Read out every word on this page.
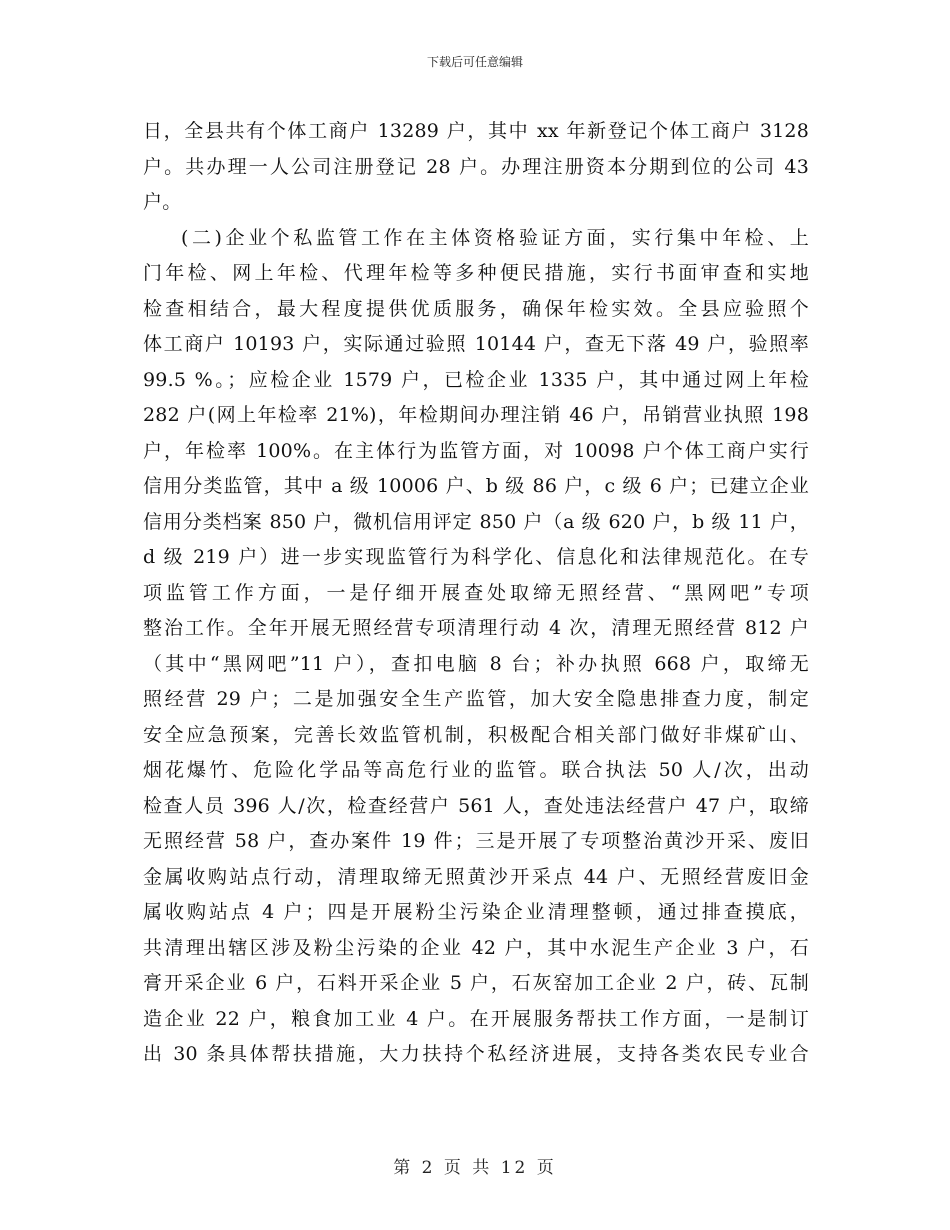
下载后可任意编辑
日，全县共有个体工商户 13289 户，其中 xx 年新登记个体工商户 3128
户。共办理一人公司注册登记 28 户。办理注册资本分期到位的公司 43
户。
(二)企业个私监管工作在主体资格验证方面，实行集中年检、上
门年检、网上年检、代理年检等多种便民措施，实行书面审查和实地
检查相结合，最大程度提供优质服务，确保年检实效。全县应验照个
体工商户 10193 户，实际通过验照 10144 户，查无下落 49 户，验照率
99.5 %。；应检企业 1579 户，已检企业 1335 户，其中通过网上年检
282 户(网上年检率 21%)，年检期间办理注销 46 户，吊销营业执照 198
户，年检率 100%。在主体行为监管方面，对 10098 户个体工商户实行
信用分类监管，其中 a 级 10006 户、b 级 86 户，c 级 6 户；已建立企业
信用分类档案 850 户，微机信用评定 850 户（a 级 620 户，b 级 11 户，
d 级 219 户）进一步实现监管行为科学化、信息化和法律规范化。在专
项监管工作方面，一是仔细开展查处取缔无照经营、“黑网吧”专项
整治工作。全年开展无照经营专项清理行动 4 次，清理无照经营 812 户
（其中“黑网吧”11 户），查扣电脑 8 台；补办执照 668 户，取缔无
照经营 29 户；二是加强安全生产监管，加大安全隐患排查力度，制定
安全应急预案，完善长效监管机制，积极配合相关部门做好非煤矿山、
烟花爆竹、危险化学品等高危行业的监管。联合执法 50 人/次，出动
检查人员 396 人/次，检查经营户 561 人，查处违法经营户 47 户，取缔
无照经营 58 户，查办案件 19 件；三是开展了专项整治黄沙开采、废旧
金属收购站点行动，清理取缔无照黄沙开采点 44 户、无照经营废旧金
属收购站点 4 户；四是开展粉尘污染企业清理整顿，通过排查摸底，
共清理出辖区涉及粉尘污染的企业 42 户，其中水泥生产企业 3 户，石
膏开采企业 6 户，石料开采企业 5 户，石灰窑加工企业 2 户，砖、瓦制
造企业 22 户，粮食加工业 4 户。在开展服务帮扶工作方面，一是制订
出 30 条具体帮扶措施，大力扶持个私经济进展，支持各类农民专业合
第 2 页 共 12 页
